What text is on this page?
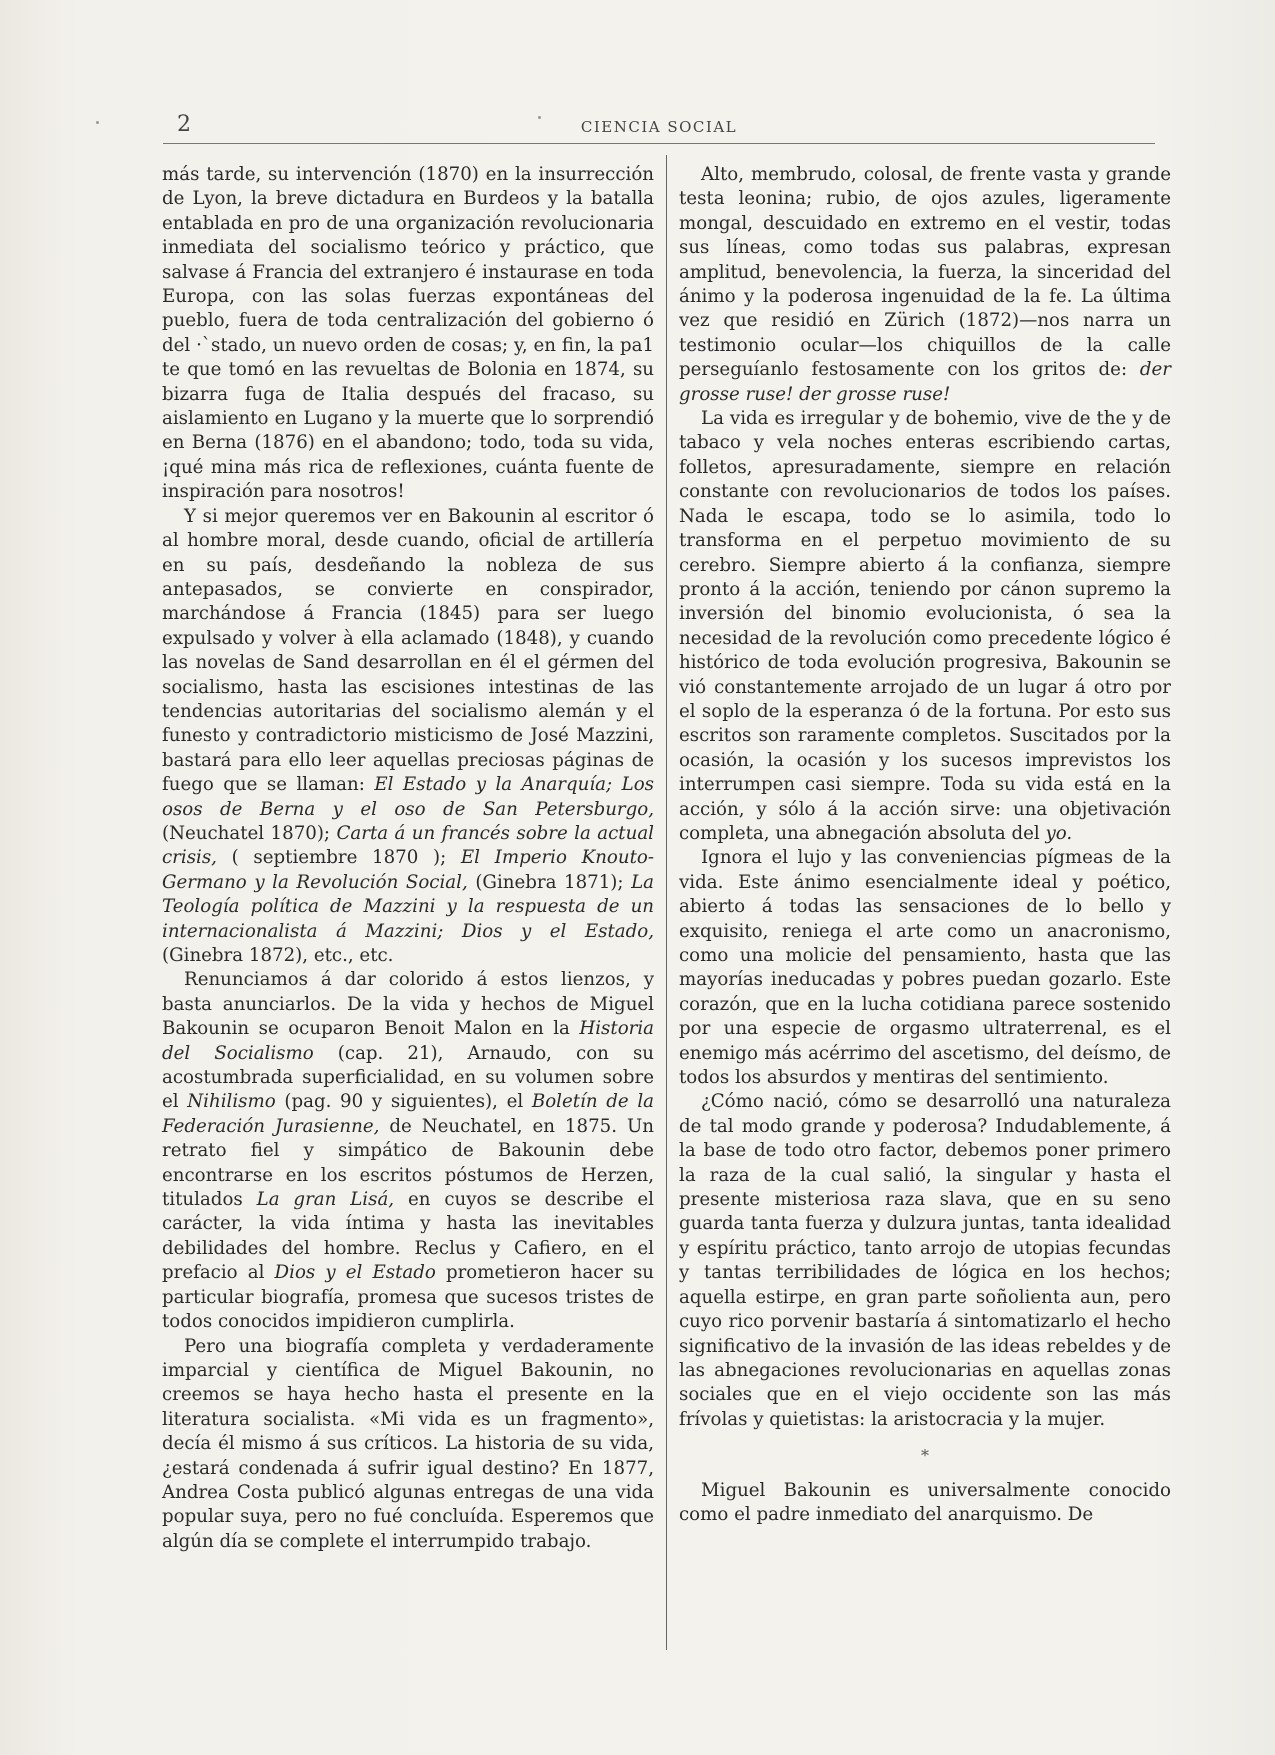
2	CIENCIA SOCIAL

más tarde, su intervención (1870) en la insurrección de Lyon, la breve dictadura en Burdeos y la batalla entablada en pro de una organización revolucionaria inmediata del socialismo teórico y práctico, que salvase á Francia del extranjero é instaurase en toda Europa, con las solas fuerzas expontáneas del pueblo, fuera de toda centralización del gobierno ó del ·`stado, un nuevo orden de cosas; y, en fin, la pa1 te que tomó en las revueltas de Bolonia en 1874, su bizarra fuga de Italia después del fracaso, su aislamiento en Lugano y la muerte que lo sorprendió en Berna (1876) en el abandono; todo, toda su vida, ¡qué mina más rica de reflexiones, cuánta fuente de inspiración para nosotros!

Y si mejor queremos ver en Bakounin al escritor ó al hombre moral, desde cuando, oficial de artillería en su país, desdeñando la nobleza de sus antepasados, se convierte en conspirador, marchándose á Francia (1845) para ser luego expulsado y volver à ella aclamado (1848), y cuando las novelas de Sand desarrollan en él el gérmen del socialismo, hasta las escisiones intestinas de las tendencias autoritarias del socialismo alemán y el funesto y contradictorio misticismo de José Mazzini, bastará para ello leer aquellas preciosas páginas de fuego que se llaman: El Estado y la Anarquía; Los osos de Berna y el oso de San Petersburgo, (Neuchatel 1870); Carta á un francés sobre la actual crisis, ( septiembre 1870 ); El Imperio Knouto-Germano y la Revolución Social, (Ginebra 1871); La Teología política de Mazzini y la respuesta de un internacionalista á Mazzini; Dios y el Estado, (Ginebra 1872), etc., etc.

Renunciamos á dar colorido á estos lienzos, y basta anunciarlos. De la vida y hechos de Miguel Bakounin se ocuparon Benoit Malon en la Historia del Socialismo (cap. 21), Arnaudo, con su acostumbrada superficialidad, en su volumen sobre el Nihilismo (pag. 90 y siguientes), el Boletín de la Federación Jurasienne, de Neuchatel, en 1875. Un retrato fiel y simpático de Bakounin debe encontrarse en los escritos póstumos de Herzen, titulados La gran Lisá, en cuyos se describe el carácter, la vida íntima y hasta las inevitables debilidades del hombre. Reclus y Cafiero, en el prefacio al Dios y el Estado prometieron hacer su particular biografía, promesa que sucesos tristes de todos conocidos impidieron cumplirla.

Pero una biografía completa y verdaderamente imparcial y científica de Miguel Bakounin, no creemos se haya hecho hasta el presente en la literatura socialista. «Mi vida es un fragmento», decía él mismo á sus críticos. La historia de su vida, ¿estará condenada á sufrir igual destino? En 1877, Andrea Costa publicó algunas entregas de una vida popular suya, pero no fué concluída. Esperemos que algún día se complete el interrumpido trabajo.

Alto, membrudo, colosal, de frente vasta y grande testa leonina; rubio, de ojos azules, ligeramente mongal, descuidado en extremo en el vestir, todas sus líneas, como todas sus palabras, expresan amplitud, benevolencia, la fuerza, la sinceridad del ánimo y la poderosa ingenuidad de la fe. La última vez que residió en Zürich (1872)—nos narra un testimonio ocular—los chiquillos de la calle perseguíanlo festosamente con los gritos de: der grosse ruse! der grosse ruse!

La vida es irregular y de bohemio, vive de the y de tabaco y vela noches enteras escribiendo cartas, folletos, apresuradamente, siempre en relación constante con revolucionarios de todos los países. Nada le escapa, todo se lo asimila, todo lo transforma en el perpetuo movimiento de su cerebro. Siempre abierto á la confianza, siempre pronto á la acción, teniendo por cánon supremo la inversión del binomio evolucionista, ó sea la necesidad de la revolución como precedente lógico é histórico de toda evolución progresiva, Bakounin se vió constantemente arrojado de un lugar á otro por el soplo de la esperanza ó de la fortuna. Por esto sus escritos son raramente completos. Suscitados por la ocasión, la ocasión y los sucesos imprevistos los interrumpen casi siempre. Toda su vida está en la acción, y sólo á la acción sirve: una objetivación completa, una abnegación absoluta del yo.

Ignora el lujo y las conveniencias pígmeas de la vida. Este ánimo esencialmente ideal y poético, abierto á todas las sensaciones de lo bello y exquisito, reniega el arte como un anacronismo, como una molicie del pensamiento, hasta que las mayorías ineducadas y pobres puedan gozarlo. Este corazón, que en la lucha cotidiana parece sostenido por una especie de orgasmo ultraterrenal, es el enemigo más acérrimo del ascetismo, del deísmo, de todos los absurdos y mentiras del sentimiento.

¿Cómo nació, cómo se desarrolló una naturaleza de tal modo grande y poderosa? Indudablemente, á la base de todo otro factor, debemos poner primero la raza de la cual salió, la singular y hasta el presente misteriosa raza slava, que en su seno guarda tanta fuerza y dulzura juntas, tanta idealidad y espíritu práctico, tanto arrojo de utopias fecundas y tantas terribilidades de lógica en los hechos; aquella estirpe, en gran parte soñolienta aun, pero cuyo rico porvenir bastaría á sintomatizarlo el hecho significativo de la invasión de las ideas rebeldes y de las abnegaciones revolucionarias en aquellas zonas sociales que en el viejo occidente son las más frívolas y quietistas: la aristocracia y la mujer.

*

Miguel Bakounin es universalmente conocido como el padre inmediato del anarquismo. De
